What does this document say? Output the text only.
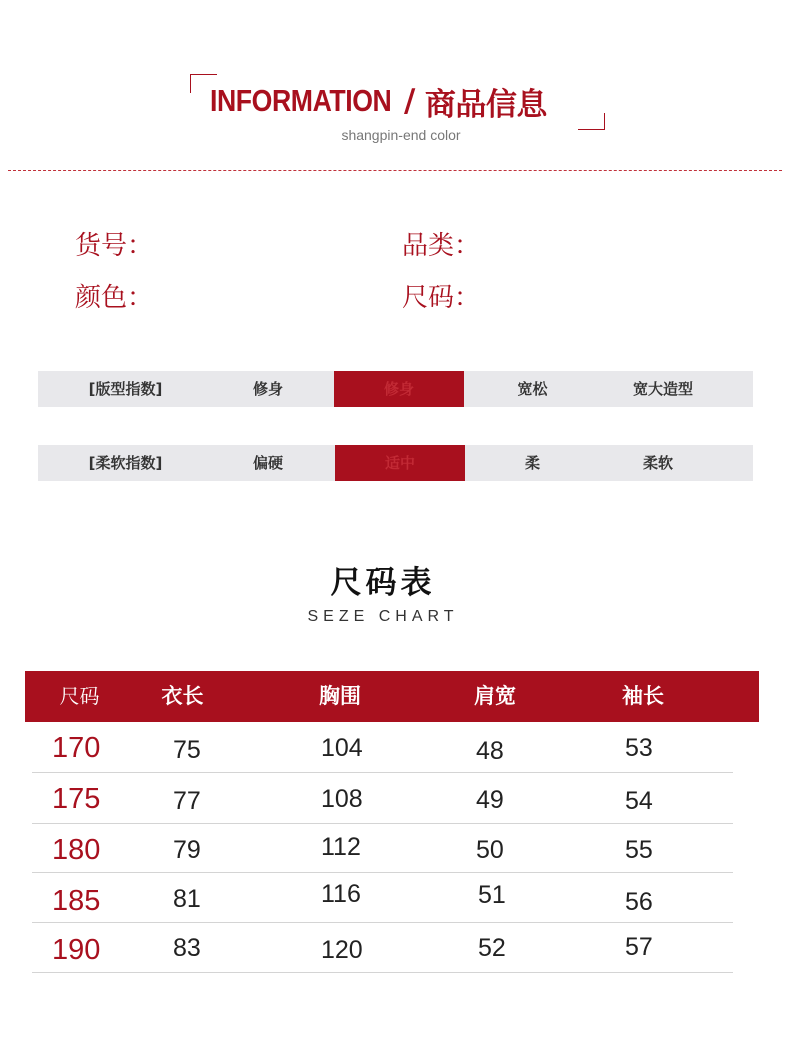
INFORMATION / 商品信息
shangpin-end color
货号：	品类：
颜色：	尺码：
[版型指数]	修身	修身	宽松	宽大造型
[柔软指数]	偏硬	适中	柔	柔软
尺码表
SEZE CHART
尺码	衣长	胸围	肩宽	袖长
170	75	104	48	53
175	77	108	49	54
180	79	112	50	55
185	81	116	51	56
190	83	120	52	57
